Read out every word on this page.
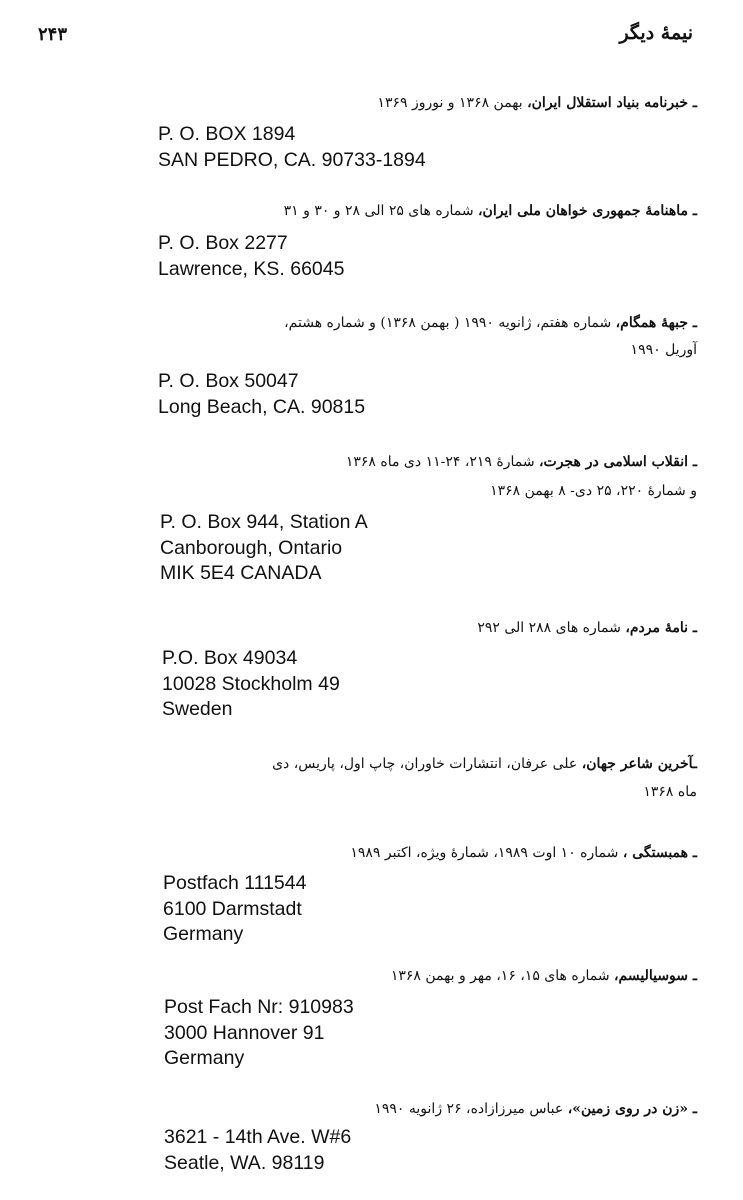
نیمهٔ دیگر
۲۴۳
ـ خبرنامه بنیاد استقلال ایران، بهمن ۱۳۶۸ و نوروز ۱۳۶۹
P. O. BOX 1894
SAN PEDRO, CA. 90733-1894
ـ ماهنامهٔ جمهوری خواهان ملی ایران، شماره های ۲۵ الی ۲۸ و ۳۰ و ۳۱
P. O. Box 2277
Lawrence, KS. 66045
ـ جبههٔ همگام، شماره هفتم، ژانویه ۱۹۹۰ ( بهمن ۱۳۶۸) و شماره هشتم،
آوریل ۱۹۹۰
P. O. Box 50047
Long Beach, CA. 90815
ـ انقلاب اسلامی در هجرت، شمارهٔ ۲۱۹، ۲۴-۱۱ دی ماه ۱۳۶۸
و شمارهٔ ۲۲۰، ۲۵ دی- ۸ بهمن ۱۳۶۸
P. O. Box 944, Station A
Canborough, Ontario
MIK 5E4 CANADA
ـ نامهٔ مردم، شماره های ۲۸۸ الی ۲۹۲
P.O. Box 49034
10028 Stockholm 49
Sweden
ـآخرین شاعر جهان، علی عرفان، انتشارات خاوران، چاپ اول، پاریس، دی
ماه ۱۳۶۸
ـ همبستگی ، شماره ۱۰ اوت ۱۹۸۹، شمارهٔ ویژه، اکتبر ۱۹۸۹
Postfach 111544
6100 Darmstadt
Germany
ـ سوسیالیسم، شماره های ۱۵، ۱۶، مهر و بهمن ۱۳۶۸
Post Fach Nr: 910983
3000 Hannover 91
Germany
ـ «زن در روی زمین»، عباس میرزازاده، ۲۶ ژانویه ۱۹۹۰
3621 - 14th Ave. W#6
Seatle, WA. 98119
